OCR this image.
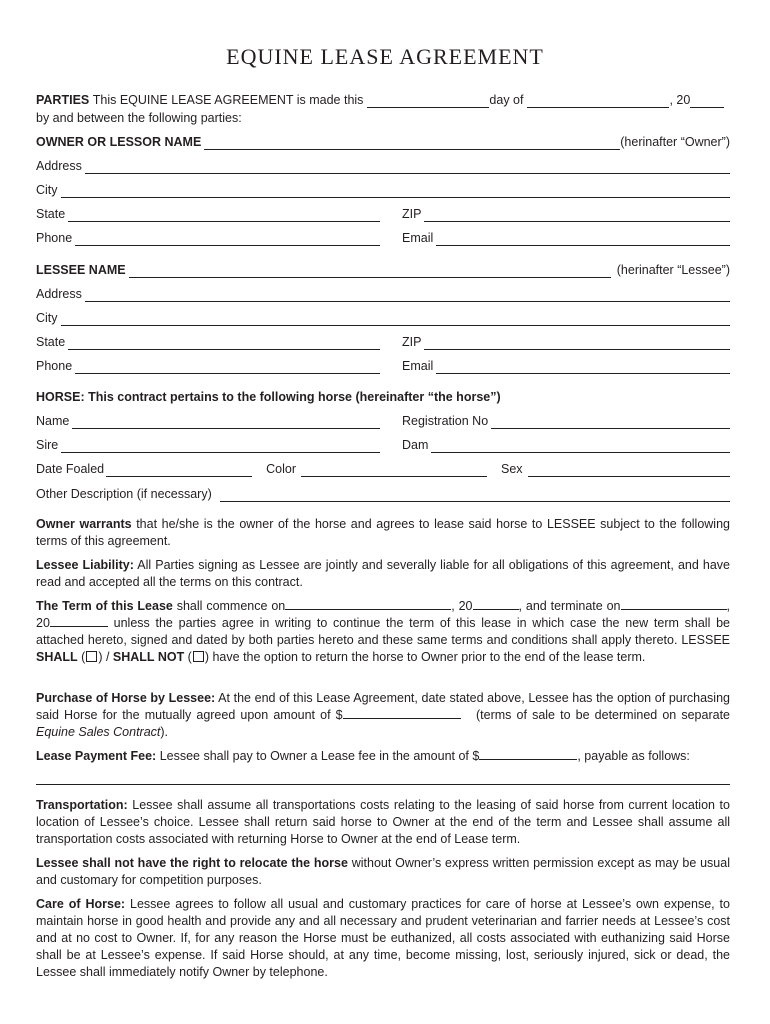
EQUINE LEASE AGREEMENT
PARTIES
This EQUINE LEASE AGREEMENT is made this	day of	, 20
by and between the following parties:
OWNER OR LESSOR NAME	(herinafter “Owner”)
Address
City
State	ZIP
Phone	Email
LESSEE NAME	(herinafter “Lessee”)
Address
City
State	ZIP
Phone	Email
HORSE: This contract pertains to the following horse (hereinafter “the horse”)
Name	Registration No
Sire	Dam
Date Foaled	Color	Sex
Other Description (if necessary)
Owner warrants that he/she is the owner of the horse and agrees to lease said horse to LESSEE subject to the following terms of this agreement.
Lessee Liability: All Parties signing as Lessee are jointly and severally liable for all obligations of this agreement, and have read and accepted all the terms on this contract.
The Term of this Lease shall commence on	, 20	, and terminate on	, 20	unless the parties agree in writing to continue the term of this lease in which case the new term shall be attached hereto, signed and dated by both parties hereto and these same terms and conditions shall apply thereto. LESSEE SHALL ( ) / SHALL NOT ( ) have the option to return the horse to Owner prior to the end of the lease term.
Purchase of Horse by Lessee: At the end of this Lease Agreement, date stated above, Lessee has the option of purchasing said Horse for the mutually agreed upon amount of $	(terms of sale to be determined on separate Equine Sales Contract).
Lease Payment Fee: Lessee shall pay to Owner a Lease fee in the amount of $	, payable as follows:
Transportation: Lessee shall assume all transportations costs relating to the leasing of said horse from current location to location of Lessee’s choice. Lessee shall return said horse to Owner at the end of the term and Lessee shall assume all transportation costs associated with returning Horse to Owner at the end of Lease term.
Lessee shall not have the right to relocate the horse without Owner’s express written permission except as may be usual and customary for competition purposes.
Care of Horse: Lessee agrees to follow all usual and customary practices for care of horse at Lessee’s own expense, to maintain horse in good health and provide any and all necessary and prudent veterinarian and farrier needs at Lessee’s cost and at no cost to Owner. If, for any reason the Horse must be euthanized, all costs associated with euthanizing said Horse shall be at Lessee’s expense. If said Horse should, at any time, become missing, lost, seriously injured, sick or dead, the Lessee shall immediately notify Owner by telephone.
